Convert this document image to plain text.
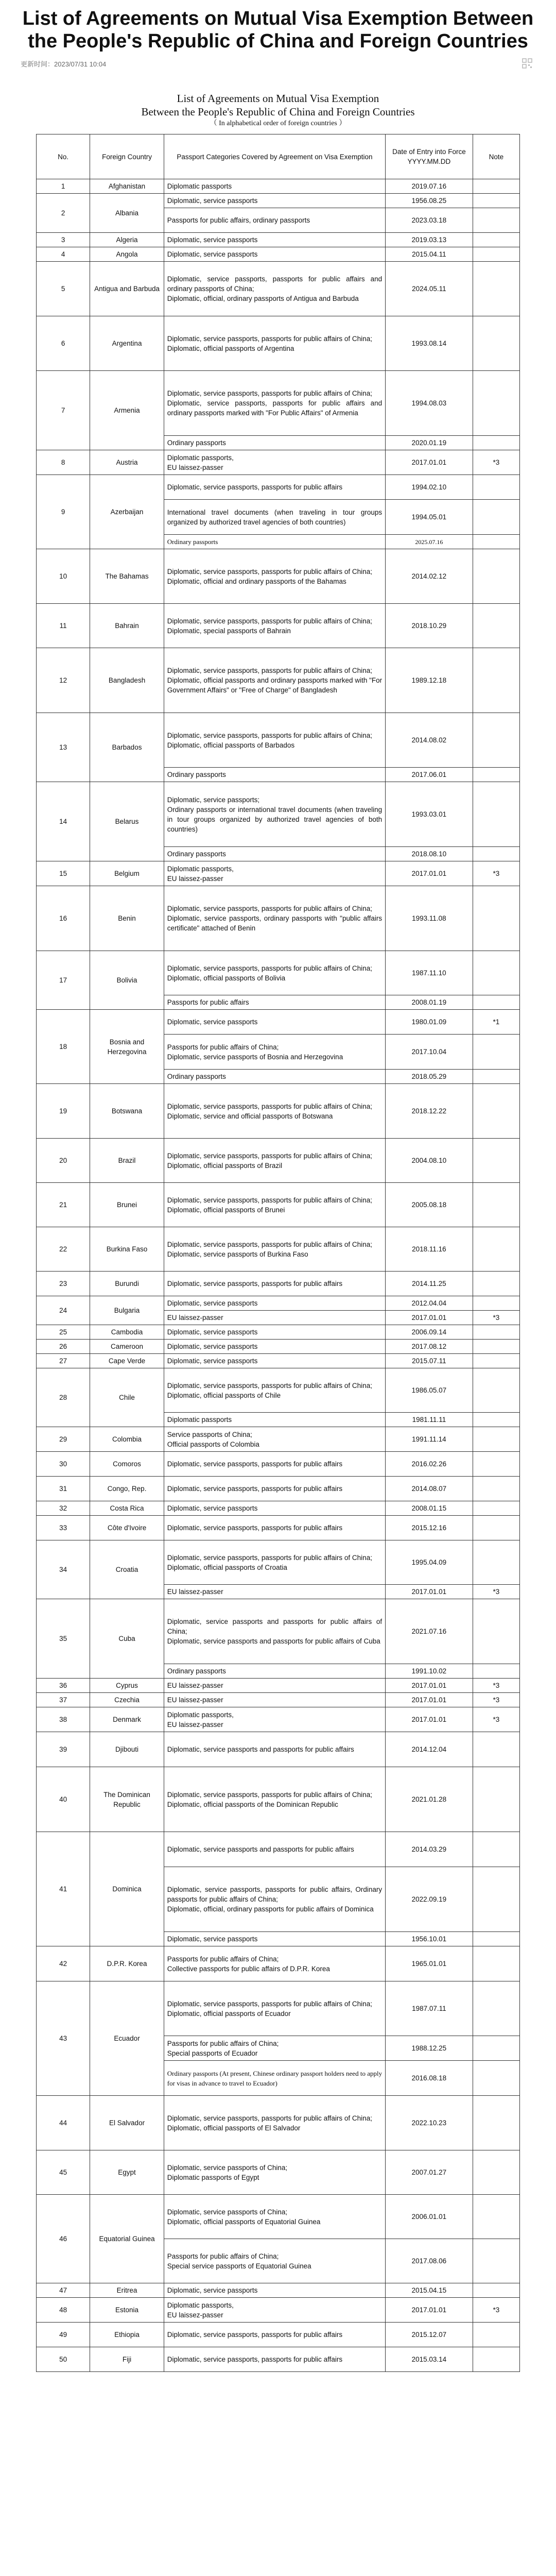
List of Agreements on Mutual Visa Exemption Between the People's Republic of China and Foreign Countries
更新时间：2023/07/31 10:04
List of Agreements on Mutual Visa Exemption
Between the People's Republic of China and Foreign Countries
（ In alphabetical order of foreign countries ）
No.	Foreign Country	Passport Categories Covered by Agreement on Visa Exemption	Date of Entry into Force YYYY.MM.DD	Note
1	Afghanistan	Diplomatic passports	2019.07.16	
2	Albania	Diplomatic, service passports	1956.08.25	

		Passports for public affairs, ordinary passports	2023.03.18	
3	Algeria	Diplomatic, service passports	2019.03.13	
4	Angola	Diplomatic, service passports	2015.04.11	
5	Antigua and Barbuda	Diplomatic, service passports, passports for public affairs and ordinary passports of China;
Diplomatic, official, ordinary passports of Antigua and Barbuda	2024.05.11	
6	Argentina	Diplomatic, service passports, passports for public affairs of China;
Diplomatic, official passports of Argentina	1993.08.14	
7	Armenia	Diplomatic, service passports, passports for public affairs of China;
Diplomatic, service passports, passports for public affairs and ordinary passports marked with "For Public Affairs" of Armenia	1994.08.03	

		Ordinary passports	2020.01.19	
8	Austria	Diplomatic passports,
EU laissez-passer	2017.01.01	*3
9	Azerbaijan	Diplomatic, service passports, passports for public affairs	1994.02.10	

		International travel documents (when traveling in tour groups organized by authorized travel agencies of both countries)	1994.05.01	

		Ordinary passports	2025.07.16	
10	The Bahamas	Diplomatic, service passports, passports for public affairs of China;
Diplomatic, official and ordinary passports of the Bahamas	2014.02.12	
11	Bahrain	Diplomatic, service passports, passports for public affairs of China;
Diplomatic, special passports of Bahrain	2018.10.29	
12	Bangladesh	Diplomatic, service passports, passports for public affairs of China;
Diplomatic, official passports and ordinary passports marked with "For Government Affairs" or "Free of Charge" of Bangladesh	1989.12.18	
13	Barbados	Diplomatic, service passports, passports for public affairs of China;
Diplomatic, official passports of Barbados	2014.08.02	

		Ordinary passports	2017.06.01	
14	Belarus	Diplomatic, service passports;
Ordinary passports or international travel documents (when traveling in tour groups organized by authorized travel agencies of both countries)	1993.03.01	

		Ordinary passports	2018.08.10	
15	Belgium	Diplomatic passports,
EU laissez-passer	2017.01.01	*3
16	Benin	Diplomatic, service passports, passports for public affairs of China;
Diplomatic, service passports, ordinary passports with "public affairs certificate" attached of Benin	1993.11.08	
17	Bolivia	Diplomatic, service passports, passports for public affairs of China;
Diplomatic, official passports of Bolivia	1987.11.10	

		Passports for public affairs	2008.01.19	
18	Bosnia and Herzegovina	Diplomatic, service passports	1980.01.09	*1

		Passports for public affairs of China;
Diplomatic, service passports of Bosnia and Herzegovina	2017.10.04	

		Ordinary passports	2018.05.29	
19	Botswana	Diplomatic, service passports, passports for public affairs of China;
Diplomatic, service and official passports of Botswana	2018.12.22	
20	Brazil	Diplomatic, service passports, passports for public affairs of China;
Diplomatic, official passports of Brazil	2004.08.10	
21	Brunei	Diplomatic, service passports, passports for public affairs of China;
Diplomatic, official passports of Brunei	2005.08.18	
22	Burkina Faso	Diplomatic, service passports, passports for public affairs of China;
Diplomatic, service passports of Burkina Faso	2018.11.16	
23	Burundi	Diplomatic, service passports, passports for public affairs	2014.11.25	
24	Bulgaria	Diplomatic, service passports	2012.04.04	

		EU laissez-passer	2017.01.01	*3
25	Cambodia	Diplomatic, service passports	2006.09.14	
26	Cameroon	Diplomatic, service passports	2017.08.12	
27	Cape Verde	Diplomatic, service passports	2015.07.11	
28	Chile	Diplomatic, service passports, passports for public affairs of China;
Diplomatic, official passports of Chile	1986.05.07	

		Diplomatic passports	1981.11.11	
29	Colombia	Service passports of China;
Official passports of Colombia	1991.11.14	
30	Comoros	Diplomatic, service passports, passports for public affairs	2016.02.26	
31	Congo, Rep.	Diplomatic, service passports, passports for public affairs	2014.08.07	
32	Costa Rica	Diplomatic, service passports	2008.01.15	
33	Côte d'Ivoire	Diplomatic, service passports, passports for public affairs	2015.12.16	
34	Croatia	Diplomatic, service passports, passports for public affairs of China;
Diplomatic, official passports of Croatia	1995.04.09	

		EU laissez-passer	2017.01.01	*3
35	Cuba	Diplomatic, service passports and passports for public affairs of China;
Diplomatic, service passports and passports for public affairs of Cuba	2021.07.16	

		Ordinary passports	1991.10.02	
36	Cyprus	EU laissez-passer	2017.01.01	*3
37	Czechia	EU laissez-passer	2017.01.01	*3
38	Denmark	Diplomatic passports,
EU laissez-passer	2017.01.01	*3
39	Djibouti	Diplomatic, service passports and passports for public affairs	2014.12.04	
40	The Dominican Republic	Diplomatic, service passports, passports for public affairs of China;
Diplomatic, official passports of the Dominican Republic	2021.01.28	
41	Dominica	Diplomatic, service passports and passports for public affairs	2014.03.29	

		Diplomatic, service passports, passports for public affairs, Ordinary passports for public affairs of China;
Diplomatic, official, ordinary passports for public affairs of Dominica	2022.09.19	

		Diplomatic, service passports	1956.10.01	
42	D.P.R. Korea	Passports for public affairs of China;
Collective passports for public affairs of D.P.R. Korea	1965.01.01	
43	Ecuador	Diplomatic, service passports, passports for public affairs of China;
Diplomatic, official passports of Ecuador	1987.07.11	

		Passports for public affairs of China;
Special passports of Ecuador	1988.12.25	

		Ordinary passports (At present, Chinese ordinary passport holders need to apply for visas in advance to travel to Ecuador)	2016.08.18	
44	El Salvador	Diplomatic, service passports, passports for public affairs of China;
Diplomatic, official passports of El Salvador	2022.10.23	
45	Egypt	Diplomatic, service passports of China;
Diplomatic passports of Egypt	2007.01.27	
46	Equatorial Guinea	Diplomatic, service passports of China;
Diplomatic, official passports of Equatorial Guinea	2006.01.01	

		Passports for public affairs of China;
Special service passports of Equatorial Guinea	2017.08.06	
47	Eritrea	Diplomatic, service passports	2015.04.15	
48	Estonia	Diplomatic passports,
EU laissez-passer	2017.01.01	*3
49	Ethiopia	Diplomatic, service passports, passports for public affairs	2015.12.07	
50	Fiji	Diplomatic, service passports, passports for public affairs	2015.03.14	
